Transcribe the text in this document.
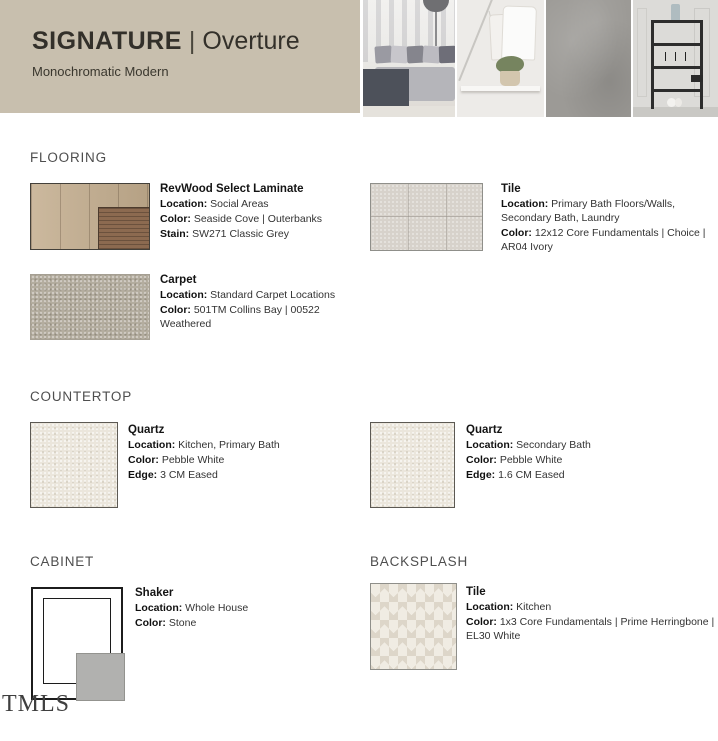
SIGNATURE | Overture
Monochromatic Modern
FLOORING

RevWood Select Laminate

Location: Social Areas

Color: Seaside Cove | Outerbanks

Stain: SW271 Classic Grey

Tile

Location: Primary Bath Floors/Walls, Secondary Bath, Laundry

Color: 12x12 Core Fundamentals | Choice | AR04 Ivory

Carpet

Location: Standard Carpet Locations

Color: 501TM Collins Bay | 00522 Weathered

COUNTERTOP

Quartz

Location: Kitchen, Primary Bath

Color: Pebble White

Edge: 3 CM Eased

Quartz

Location: Secondary Bath

Color: Pebble White

Edge: 1.6 CM Eased

CABINET

Shaker

Location: Whole House

Color: Stone

BACKSPLASH

Tile

Location: Kitchen

Color: 1x3 Core Fundamentals | Prime Herringbone | EL30 White

TMLS
